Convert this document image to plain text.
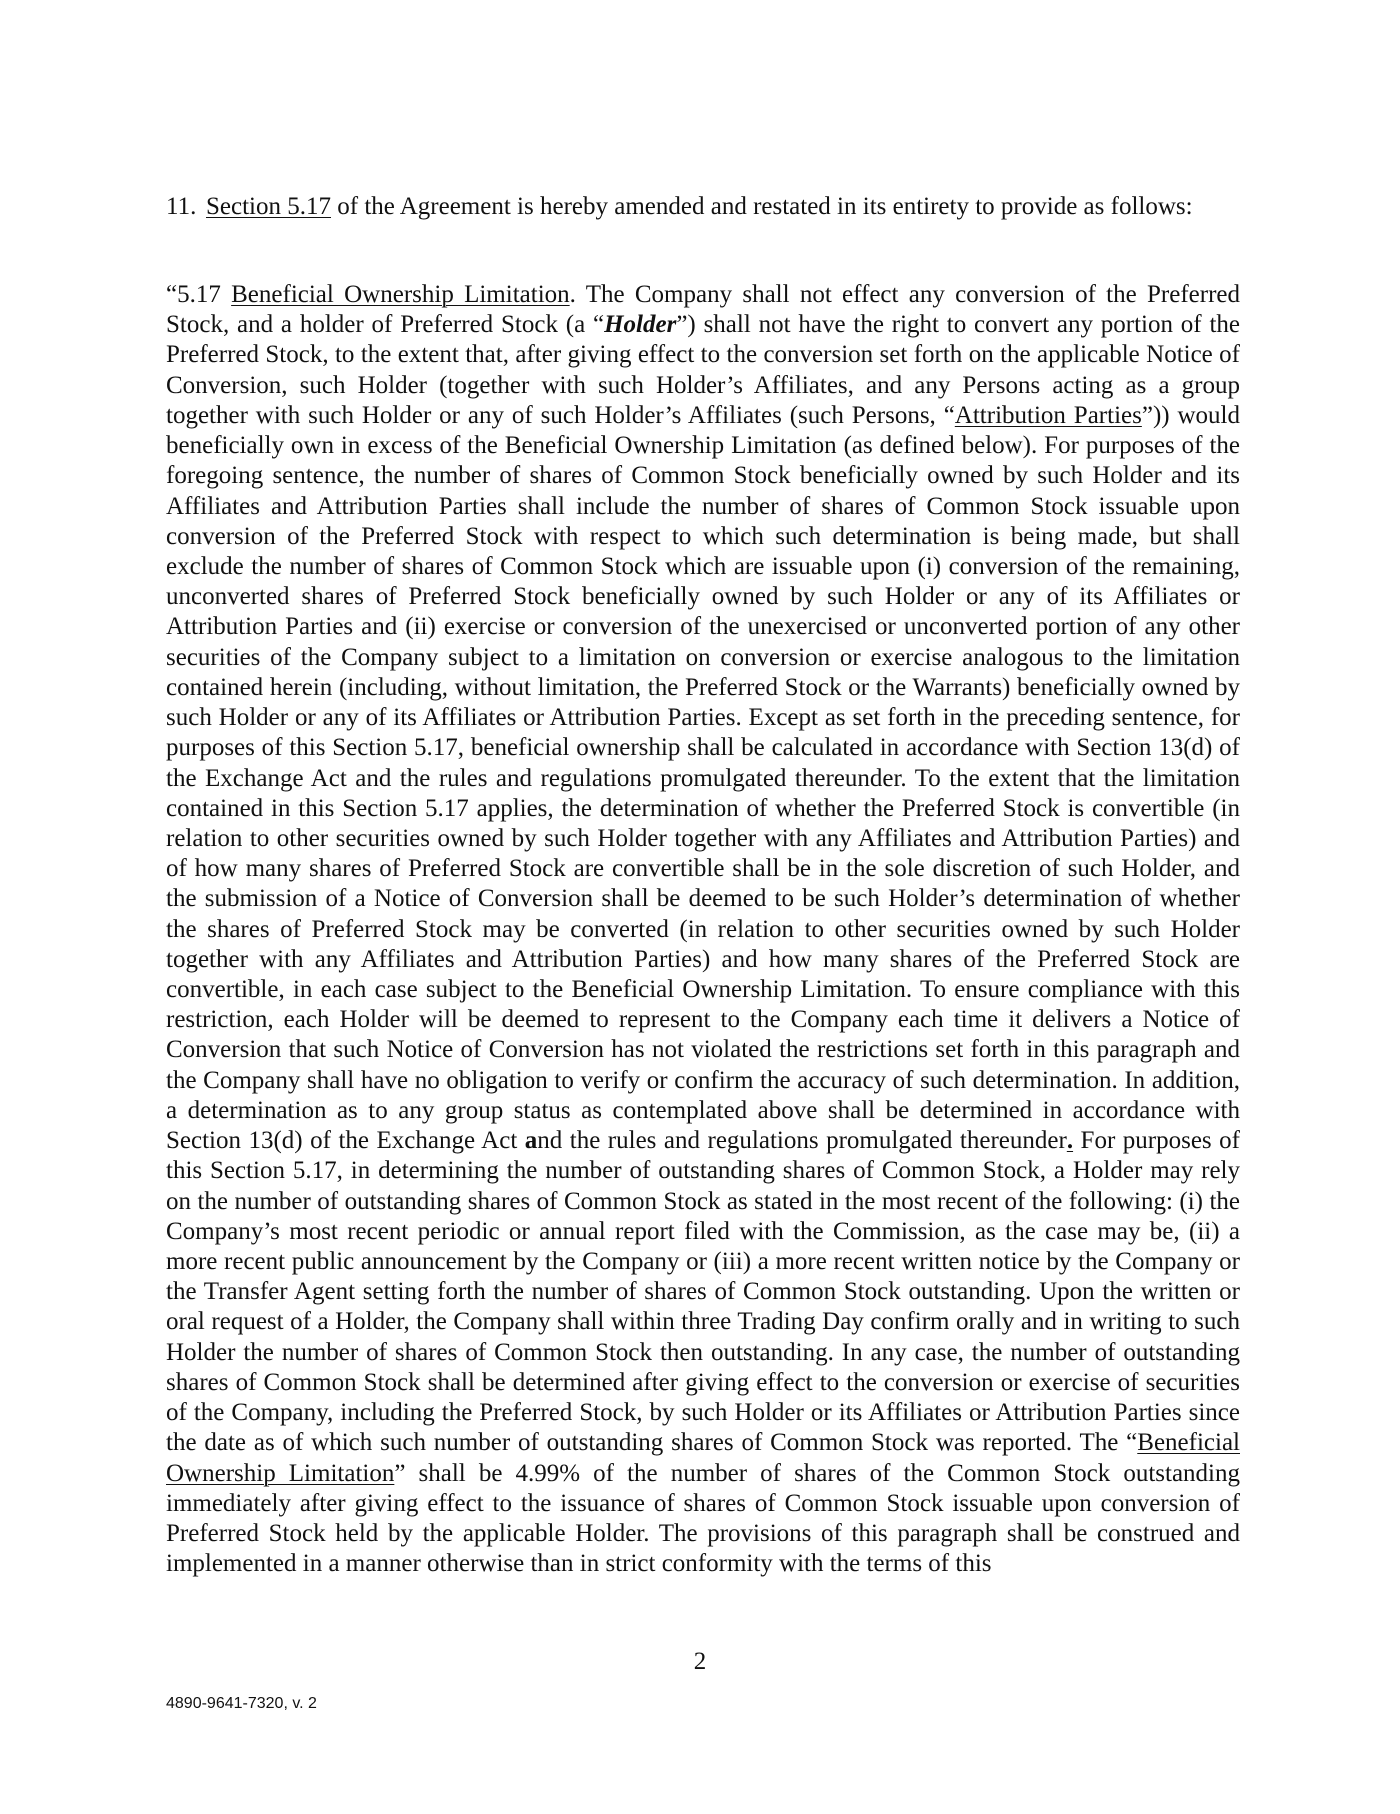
11. Section 5.17 of the Agreement is hereby amended and restated in its entirety to provide as follows:
“5.17 Beneficial Ownership Limitation. The Company shall not effect any conversion of the Preferred Stock, and a holder of Preferred Stock (a “Holder”) shall not have the right to convert any portion of the Preferred Stock, to the extent that, after giving effect to the conversion set forth on the applicable Notice of Conversion, such Holder (together with such Holder’s Affiliates, and any Persons acting as a group together with such Holder or any of such Holder’s Affiliates (such Persons, “Attribution Parties”)) would beneficially own in excess of the Beneficial Ownership Limitation (as defined below). For purposes of the foregoing sentence, the number of shares of Common Stock beneficially owned by such Holder and its Affiliates and Attribution Parties shall include the number of shares of Common Stock issuable upon conversion of the Preferred Stock with respect to which such determination is being made, but shall exclude the number of shares of Common Stock which are issuable upon (i) conversion of the remaining, unconverted shares of Preferred Stock beneficially owned by such Holder or any of its Affiliates or Attribution Parties and (ii) exercise or conversion of the unexercised or unconverted portion of any other securities of the Company subject to a limitation on conversion or exercise analogous to the limitation contained herein (including, without limitation, the Preferred Stock or the Warrants) beneficially owned by such Holder or any of its Affiliates or Attribution Parties. Except as set forth in the preceding sentence, for purposes of this Section 5.17, beneficial ownership shall be calculated in accordance with Section 13(d) of the Exchange Act and the rules and regulations promulgated thereunder. To the extent that the limitation contained in this Section 5.17 applies, the determination of whether the Preferred Stock is convertible (in relation to other securities owned by such Holder together with any Affiliates and Attribution Parties) and of how many shares of Preferred Stock are convertible shall be in the sole discretion of such Holder, and the submission of a Notice of Conversion shall be deemed to be such Holder’s determination of whether the shares of Preferred Stock may be converted (in relation to other securities owned by such Holder together with any Affiliates and Attribution Parties) and how many shares of the Preferred Stock are convertible, in each case subject to the Beneficial Ownership Limitation. To ensure compliance with this restriction, each Holder will be deemed to represent to the Company each time it delivers a Notice of Conversion that such Notice of Conversion has not violated the restrictions set forth in this paragraph and the Company shall have no obligation to verify or confirm the accuracy of such determination. In addition, a determination as to any group status as contemplated above shall be determined in accordance with Section 13(d) of the Exchange Act and the rules and regulations promulgated thereunder. For purposes of this Section 5.17, in determining the number of outstanding shares of Common Stock, a Holder may rely on the number of outstanding shares of Common Stock as stated in the most recent of the following: (i) the Company’s most recent periodic or annual report filed with the Commission, as the case may be, (ii) a more recent public announcement by the Company or (iii) a more recent written notice by the Company or the Transfer Agent setting forth the number of shares of Common Stock outstanding. Upon the written or oral request of a Holder, the Company shall within three Trading Day confirm orally and in writing to such Holder the number of shares of Common Stock then outstanding. In any case, the number of outstanding shares of Common Stock shall be determined after giving effect to the conversion or exercise of securities of the Company, including the Preferred Stock, by such Holder or its Affiliates or Attribution Parties since the date as of which such number of outstanding shares of Common Stock was reported. The “Beneficial Ownership Limitation” shall be 4.99% of the number of shares of the Common Stock outstanding immediately after giving effect to the issuance of shares of Common Stock issuable upon conversion of Preferred Stock held by the applicable Holder. The provisions of this paragraph shall be construed and implemented in a manner otherwise than in strict conformity with the terms of this
2
4890-9641-7320, v. 2
